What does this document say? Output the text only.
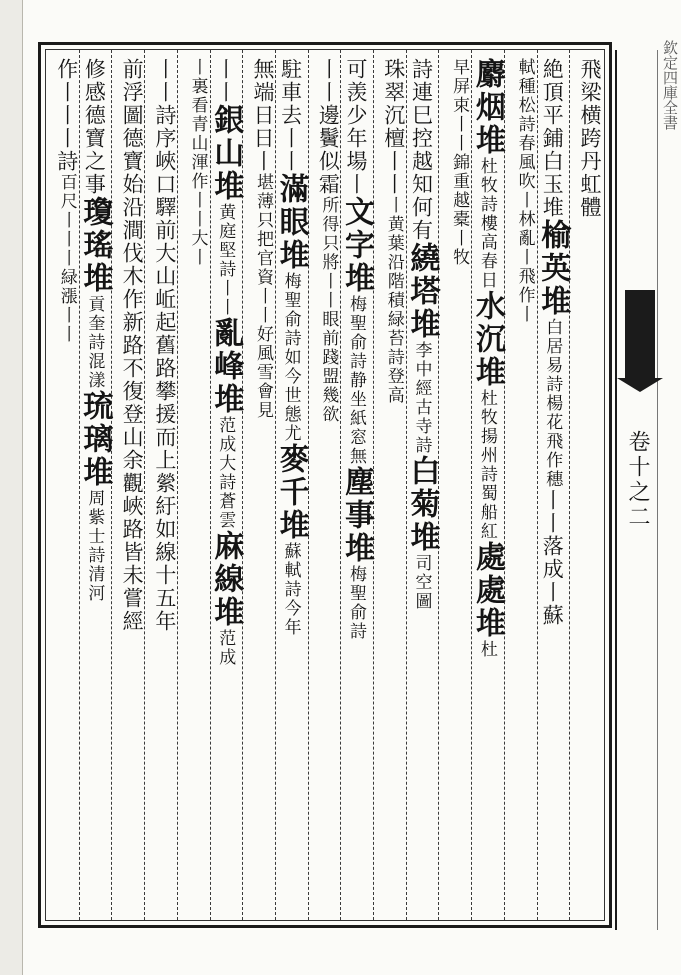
欽定四庫全書
飛梁横跨丹虹體
絶頂平鋪白玉堆榆英堆白居易詩楊花飛作穗丨丨落成丨蘇
軾種松詩春風吹丨林亂丨飛作丨
麝烟堆杜牧詩樓高春日水沉堆杜牧揚州詩蜀船紅處處堆杜
早屏束丨丨錦重越橐丨牧
詩連巳控越知何有繞塔堆李中經古寺詩白菊堆司空圖
珠翠沉檀丨丨丨黄葉沿階積緑苔詩登高
可羡少年場丨文字堆梅聖俞詩静坐紙窓無塵事堆梅聖俞詩
丨丨邊鬢似霜所得只將丨丨眼前踐盟幾欲
駐車去丨丨滿眼堆梅聖俞詩如今世態尤麥千堆蘇軾詩今年
無端日日丨堪薄只把官資丨丨好風雪會見
丨丨銀山堆黄庭堅詩丨丨亂峰堆范成大詩蒼雲麻線堆范成
丨裏看青山渾作丨丨大丨
丨丨詩序峽口驛前大山岴起舊路攀援而上縈紆如線十五年
前浮圖德寶始沿澗伐木作新路不復登山余觀峽路皆未嘗經
修感德寶之事瓊瑤堆貢奎詩混漾琉璃堆周紫士詩清河
作丨丨丨詩百尺丨丨丨緑漲丨丨
卷十之二
